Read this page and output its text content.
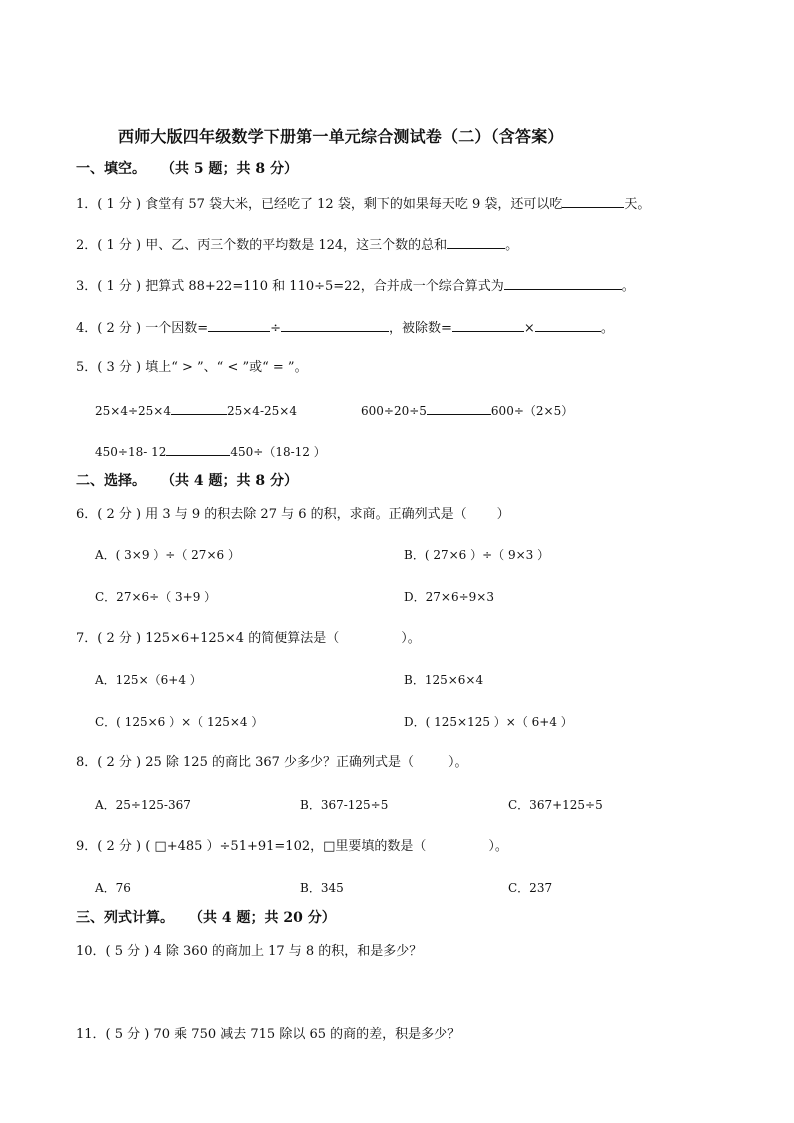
西师大版四年级数学下册第一单元综合测试卷（二）（含答案）
一、填空。 （共 5 题；共 8 分）
1．( 1 分 ) 食堂有 57 袋大米，已经吃了 12 袋，剩下的如果每天吃 9 袋，还可以吃	天。
2．( 1 分 ) 甲、乙、丙三个数的平均数是 124，这三个数的总和	。
3．( 1 分 ) 把算式 88+22=110 和 110÷5=22，合并成一个综合算式为	。
4．( 2 分 ) 一个因数=	÷	，被除数=	×	。
5．( 3 分 ) 填上“ > ”、“ < ”或“ = ”。
25×4÷25×4	25×4-25×4	600÷20÷5	600÷（2×5）
450÷18- 12	450÷（18-12 ）
二、选择。 （共 4 题；共 8 分）
6．( 2 分 ) 用 3 与 9 的积去除 27 与 6 的积，求商。正确列式是（ ）
A．( 3×9 ）÷（ 27×6 ）	B．( 27×6 ）÷（ 9×3 ）
C．27×6÷（ 3+9 ）	D．27×6÷9×3
7．( 2 分 ) 125×6+125×4 的简便算法是（	）。
A．125×（6+4 ）	B．125×6×4
C．( 125×6 ）×（ 125×4 ）	D．( 125×125 ）×（ 6+4 ）
8．( 2 分 ) 25 除 125 的商比 367 少多少？正确列式是（	）。
A．25÷125-367	B．367-125÷5	C．367+125÷5
9．( 2 分 ) ( □+485 ）÷51+91=102，□里要填的数是（	）。
A．76	B．345	C．237
三、列式计算。 （共 4 题；共 20 分）
10．( 5 分 ) 4 除 360 的商加上 17 与 8 的积，和是多少？
11．( 5 分 ) 70 乘 750 减去 715 除以 65 的商的差，积是多少？
